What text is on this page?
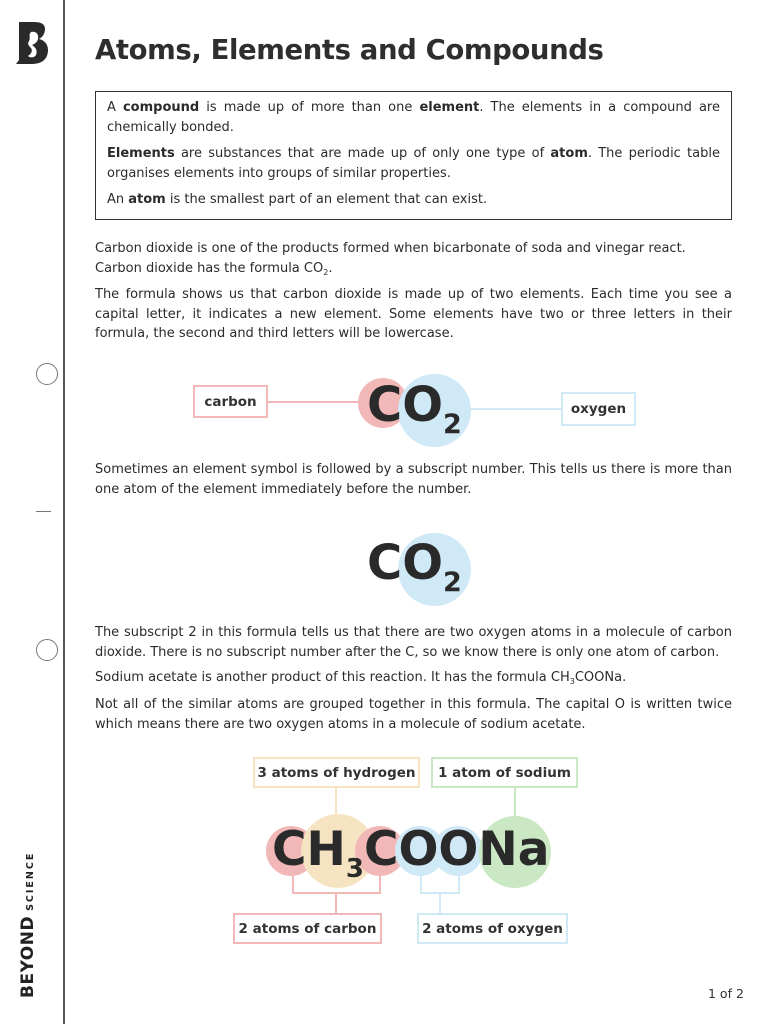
BEYOND
SCIENCE
Atoms, Elements and Compounds

A compound is made up of more than one element. The elements in a compound are chemically bonded.

Elements are substances that are made up of only one type of atom. The periodic table organises elements into groups of similar properties.

An atom is the smallest part of an element that can exist.

Carbon dioxide is one of the products formed when bicarbonate of soda and vinegar react. Carbon dioxide has the formula $CO_2$.
The formula shows us that carbon dioxide is made up of two elements. Each time you see a capital letter, it indicates a new element. Some elements have two or three letters in their formula, the second and third letters will be lowercase.
$CO_2$
carbon	oxygen
Sometimes an element symbol is followed by a subscript number. This tells us there is more than one atom of the element immediately before the number.
$CO_2$
The subscript 2 in this formula tells us that there are two oxygen atoms in a molecule of carbon dioxide. There is no subscript number after the C, so we know there is only one atom of carbon.
Sodium acetate is another product of this reaction. It has the formula $CH_3COONa$.
Not all of the similar atoms are grouped together in this formula. The capital O is written twice which means there are two oxygen atoms in a molecule of sodium acetate.
$CH_3COONa$
3 atoms of hydrogen	1 atom of sodium
2 atoms of carbon	2 atoms of oxygen
1 of 2
